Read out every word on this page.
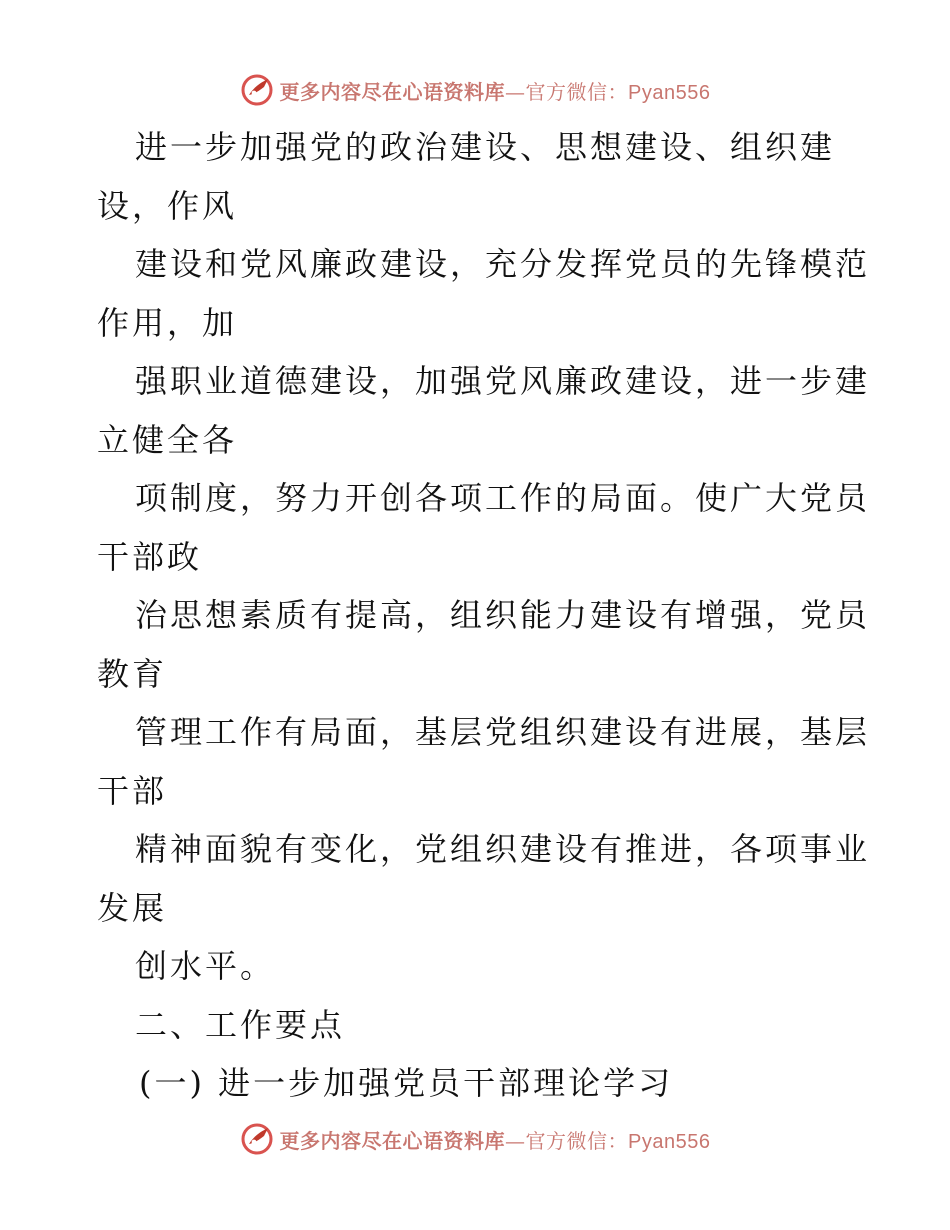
更多内容尽在心语资料库—官方微信：Pyan556
进一步加强党的政治建设、思想建设、组织建
设，作风
建设和党风廉政建设，充分发挥党员的先锋模范
作用，加
强职业道德建设，加强党风廉政建设，进一步建
立健全各
项制度，努力开创各项工作的局面。使广大党员
干部政
治思想素质有提高，组织能力建设有增强，党员
教育
管理工作有局面，基层党组织建设有进展，基层
干部
精神面貌有变化，党组织建设有推进，各项事业
发展
创水平。
二、工作要点
(一) 进一步加强党员干部理论学习
更多内容尽在心语资料库—官方微信：Pyan556
